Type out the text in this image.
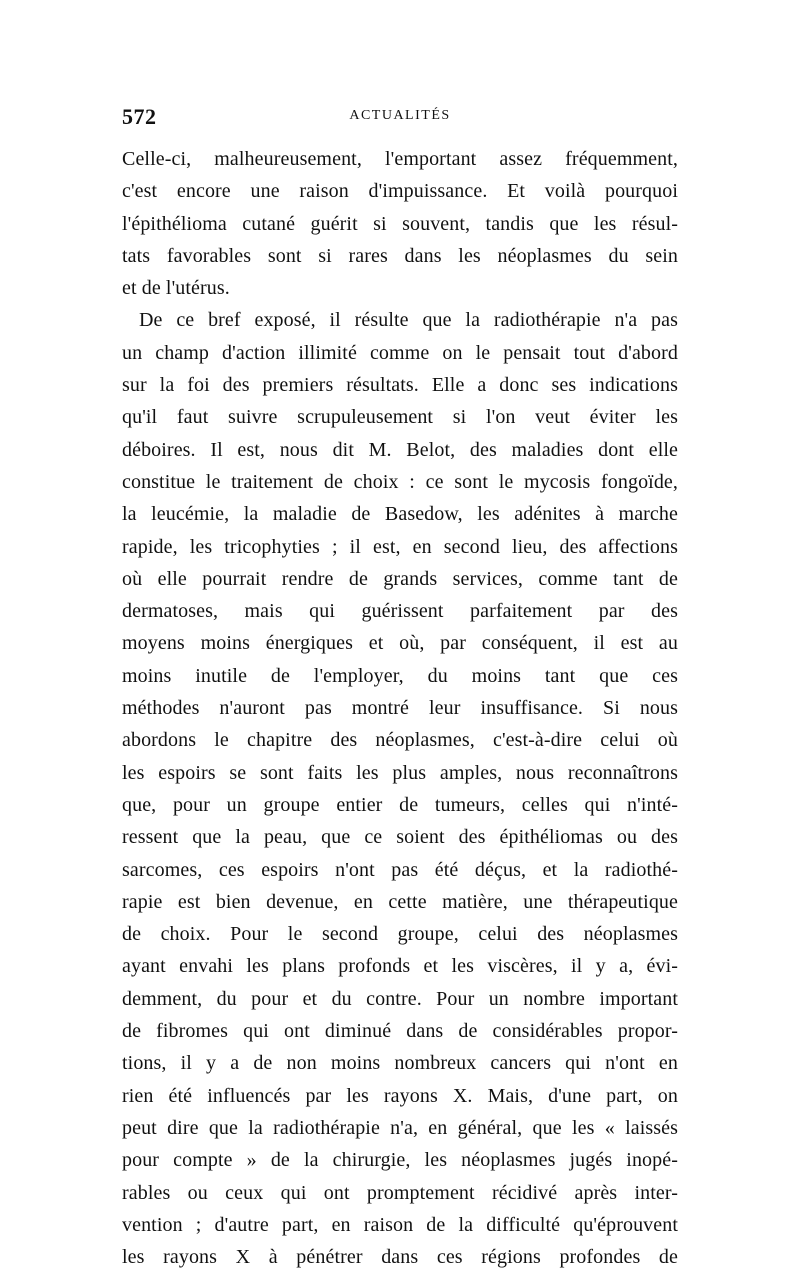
572	ACTUALITÉS
Celle-ci, malheureusement, l'emportant assez fréquemment,
c'est encore une raison d'impuissance. Et voilà pourquoi
l'épithélioma cutané guérit si souvent, tandis que les résul-
tats favorables sont si rares dans les néoplasmes du sein
et de l'utérus.
De ce bref exposé, il résulte que la radiothérapie n'a pas
un champ d'action illimité comme on le pensait tout d'abord
sur la foi des premiers résultats. Elle a donc ses indications
qu'il faut suivre scrupuleusement si l'on veut éviter les
déboires. Il est, nous dit M. Belot, des maladies dont elle
constitue le traitement de choix : ce sont le mycosis fongoïde,
la leucémie, la maladie de Basedow, les adénites à marche
rapide, les tricophyties ; il est, en second lieu, des affections
où elle pourrait rendre de grands services, comme tant de
dermatoses, mais qui guérissent parfaitement par des
moyens moins énergiques et où, par conséquent, il est au
moins inutile de l'employer, du moins tant que ces
méthodes n'auront pas montré leur insuffisance. Si nous
abordons le chapitre des néoplasmes, c'est-à-dire celui où
les espoirs se sont faits les plus amples, nous reconnaîtrons
que, pour un groupe entier de tumeurs, celles qui n'inté-
ressent que la peau, que ce soient des épithéliomas ou des
sarcomes, ces espoirs n'ont pas été déçus, et la radiothé-
rapie est bien devenue, en cette matière, une thérapeutique
de choix. Pour le second groupe, celui des néoplasmes
ayant envahi les plans profonds et les viscères, il y a, évi-
demment, du pour et du contre. Pour un nombre important
de fibromes qui ont diminué dans de considérables propor-
tions, il y a de non moins nombreux cancers qui n'ont en
rien été influencés par les rayons X. Mais, d'une part, on
peut dire que la radiothérapie n'a, en général, que les « laissés
pour compte » de la chirurgie, les néoplasmes jugés inopé-
rables ou ceux qui ont promptement récidivé après inter-
vention ; d'autre part, en raison de la difficulté qu'éprouvent
les rayons X à pénétrer dans ces régions profondes de
